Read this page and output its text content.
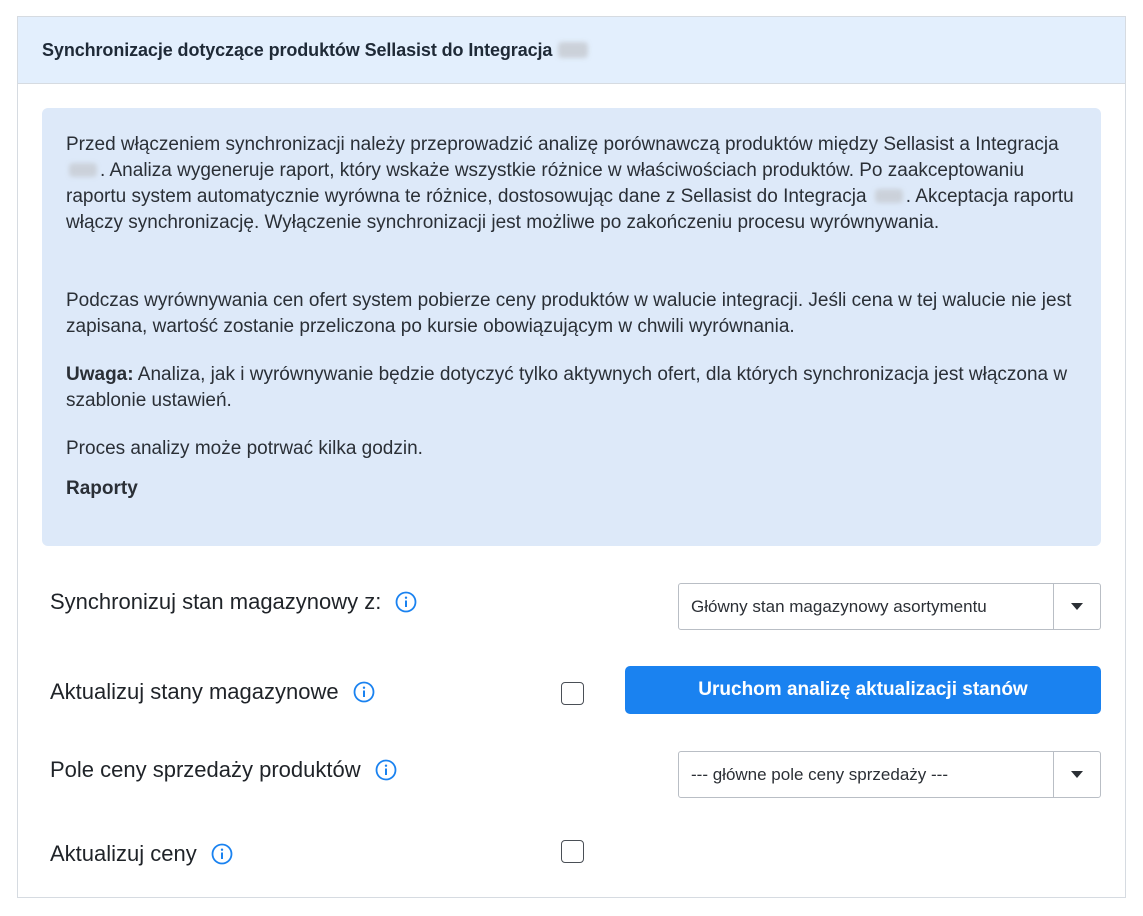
Synchronizacje dotyczące produktów Sellasist do Integracja

Przed włączeniem synchronizacji należy przeprowadzić analizę porównawczą produktów między Sellasist a Integracja . Analiza wygeneruje raport, który wskaże wszystkie różnice w właściwościach produktów. Po zaakceptowaniu raportu system automatycznie wyrówna te różnice, dostosowując dane z Sellasist do Integracja . Akceptacja raportu włączy synchronizację. Wyłączenie synchronizacji jest możliwe po zakończeniu procesu wyrównywania.

Podczas wyrównywania cen ofert system pobierze ceny produktów w walucie integracji. Jeśli cena w tej walucie nie jest zapisana, wartość zostanie przeliczona po kursie obowiązującym w chwili wyrównania.

Uwaga: Analiza, jak i wyrównywanie będzie dotyczyć tylko aktywnych ofert, dla których synchronizacja jest włączona w szablonie ustawień.

Proces analizy może potrwać kilka godzin.

Raporty

Synchronizuj stan magazynowy z:	Główny stan magazynowy asortymentu
Aktualizuj stany magazynowe	Uruchom analizę aktualizacji stanów
Pole ceny sprzedaży produktów	--- główne pole ceny sprzedaży ---
Aktualizuj ceny
